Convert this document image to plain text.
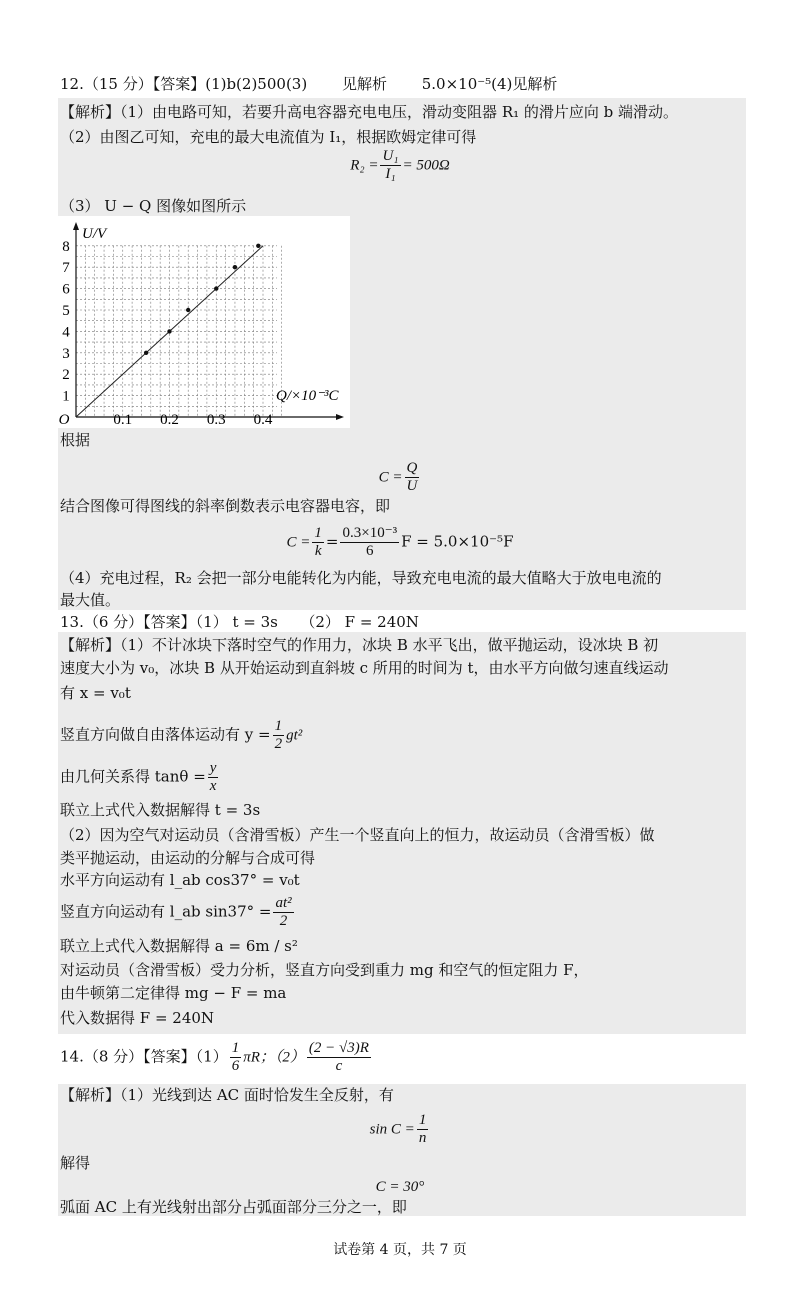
12.（15 分）【答案】(1)b(2)500(3)　　 见解析　　 5.0×10⁻⁵(4)见解析
【解析】（1）由电路可知，若要升高电容器充电电压，滑动变阻器 R₁ 的滑片应向 b 端滑动。
（2）由图乙可知，充电的最大电流值为 I₁，根据欧姆定律可得
$R_2 = \frac{\text{U₁}}{\text{I₁}} = 500\Omega$
（3） U − Q 图像如图所示
1
2
3
4
5
6
7
8
0.1 0.2 0.3 0.4
O
U/V
Q/×10⁻³C
根据
$C = \frac{Q}{U}$
结合图像可得图线的斜率倒数表示电容器电容，即
$C = \frac{1}{k} = \frac{\text{0.3×10⁻³}}{6}$ F = 5.0×10⁻⁵F
（4）充电过程，R₂ 会把一部分电能转化为内能，导致充电电流的最大值略大于放电电流的
最大值。
13.（6 分）【答案】（1） t = 3s　　（2） F = 240N
【解析】（1）不计冰块下落时空气的作用力，冰块 B 水平飞出，做平抛运动，设冰块 B 初
速度大小为 v₀，冰块 B 从开始运动到直斜坡 c 所用的时间为 t，由水平方向做匀速直线运动
有 x = v₀t
竖直方向做自由落体运动有 $y = \frac{1}{2} gt^2$
由几何关系得 $\tan\theta = \frac{y}{x}$
联立上式代入数据解得 t = 3s
（2）因为空气对运动员（含滑雪板）产生一个竖直向上的恒力，故运动员（含滑雪板）做
类平抛运动，由运动的分解与合成可得
水平方向运动有 l_ab cos37° = v₀t
竖直方向运动有 l_ab $\sin 37^\circ = \frac{\text{at²}}{2}$
联立上式代入数据解得 a = 6m / s²
对运动员（含滑雪板）受力分析，竖直方向受到重力 mg 和空气的恒定阻力 F，
由牛顿第二定律得 mg − F = ma
代入数据得 F = 240N
14.（8 分）【答案】$(1) \frac{1}{6}$ πR；$(2) \frac{(2 - √3)R}{c}$
【解析】（1）光线到达 AC 面时恰发生全反射，有
$\sin C = \frac{1}{n}$
解得
C = 30°
弧面 AC 上有光线射出部分占弧面部分三分之一，即
试卷第 4 页，共 7 页
